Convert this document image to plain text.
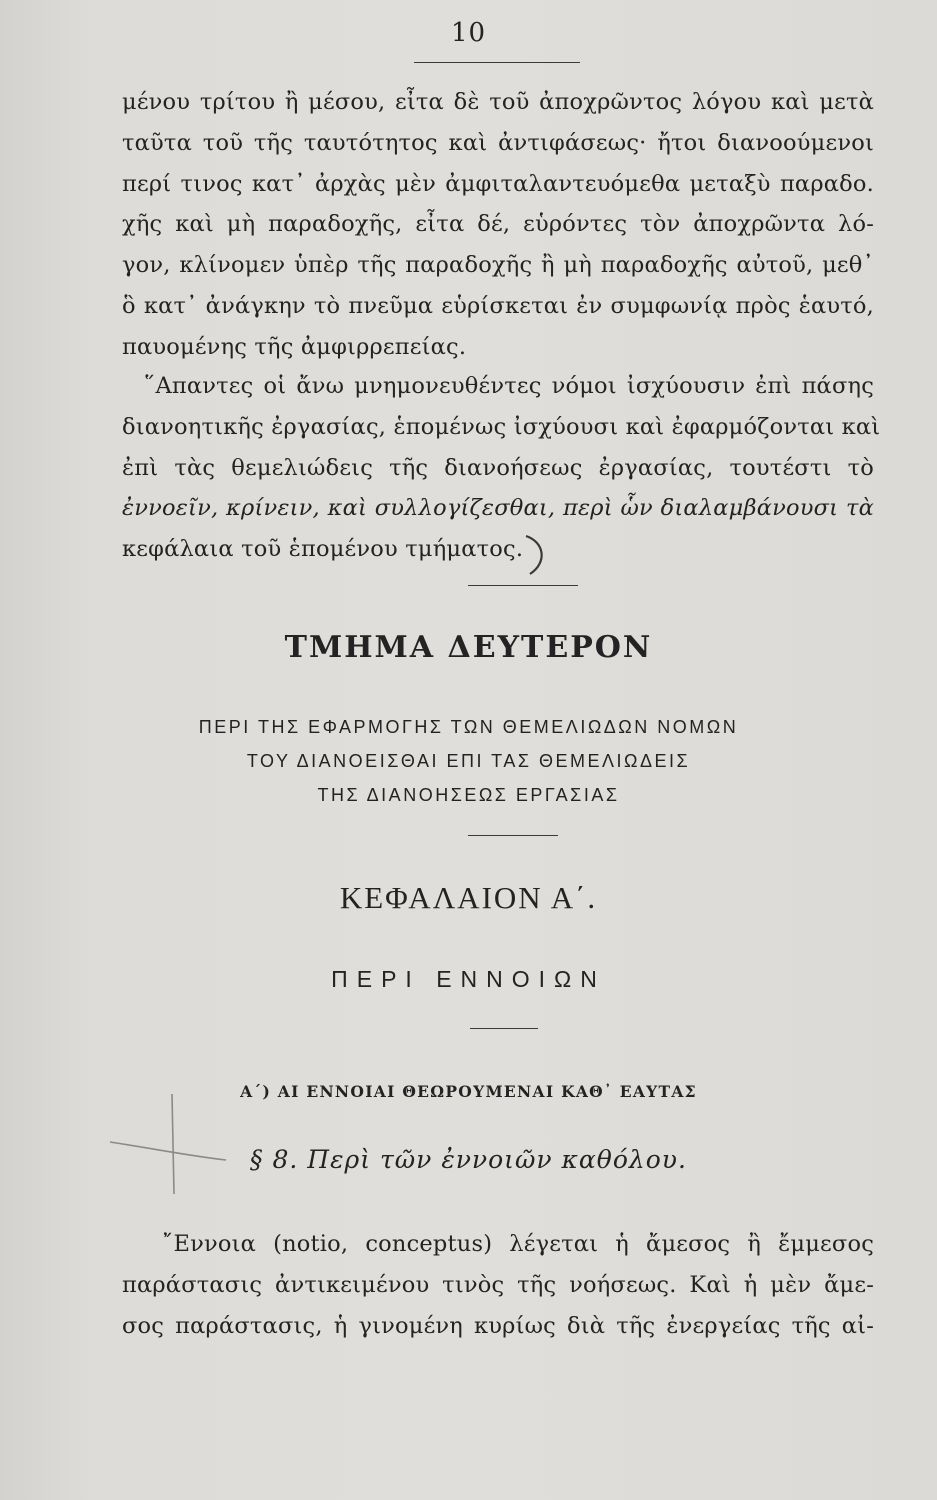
10
μένου τρίτου ἢ μέσου, εἶτα δὲ τοῦ ἀποχρῶντος λόγου καὶ μετὰ
ταῦτα τοῦ τῆς ταυτότητος καὶ ἀντιφάσεως· ἤτοι διανοούμενοι
περί τινος κατ᾽ ἀρχὰς μὲν ἀμφιταλαντευόμεθα μεταξὺ παραδο.
χῆς καὶ μὴ παραδοχῆς, εἶτα δέ, εὑρόντες τὸν ἀποχρῶντα λό-
γον, κλίνομεν ὑπὲρ τῆς παραδοχῆς ἢ μὴ παραδοχῆς αὐτοῦ, μεθ᾽
ὃ κατ᾽ ἀνάγκην τὸ πνεῦμα εὑρίσκεται ἐν συμφωνίᾳ πρὸς ἑαυτό,
παυομένης τῆς ἀμφιρρεπείας.
῞Απαντες οἱ ἄνω μνημονευθέντες νόμοι ἰσχύουσιν ἐπὶ πάσης
διανοητικῆς ἐργασίας, ἑπομένως ἰσχύουσι καὶ ἐφαρμόζονται καὶ
ἐπὶ τὰς θεμελιώδεις τῆς διανοήσεως ἐργασίας, τουτέστι τὸ
ἐννοεῖν, κρίνειν, καὶ συλλογίζεσθαι, περὶ ὧν διαλαμβάνουσι τὰ
κεφάλαια τοῦ ἑπομένου τμήματος.
ΤΜΗΜΑ ΔΕΥΤΕΡΟΝ
ΠΕΡΙ ΤΗΣ ΕΦΑΡΜΟΓΗΣ ΤΩΝ ΘΕΜΕΛΙΩΔΩΝ ΝΟΜΩΝ
ΤΟΥ ΔΙΑΝΟΕΙΣΘΑΙ ΕΠΙ ΤΑΣ ΘΕΜΕΛΙΩΔΕΙΣ
ΤΗΣ ΔΙΑΝΟΗΣΕΩΣ ΕΡΓΑΣΙΑΣ
ΚΕΦΑΛΑΙΟΝ Α΄.
ΠΕΡΙ ΕΝΝΟΙΩΝ
Α΄) ΑΙ ΕΝΝΟΙΑΙ ΘΕΩΡΟΥΜΕΝΑΙ ΚΑΘ᾽ ΕΑΥΤΑΣ
§ 8. Περὶ τῶν ἐννοιῶν καθόλου.
῎Εννοια (notio, conceptus) λέγεται ἡ ἄμεσος ἢ ἔμμεσος
παράστασις ἀντικειμένου τινὸς τῆς νοήσεως. Καὶ ἡ μὲν ἄμε-
σος παράστασις, ἡ γινομένη κυρίως διὰ τῆς ἐνεργείας τῆς αἰ-
